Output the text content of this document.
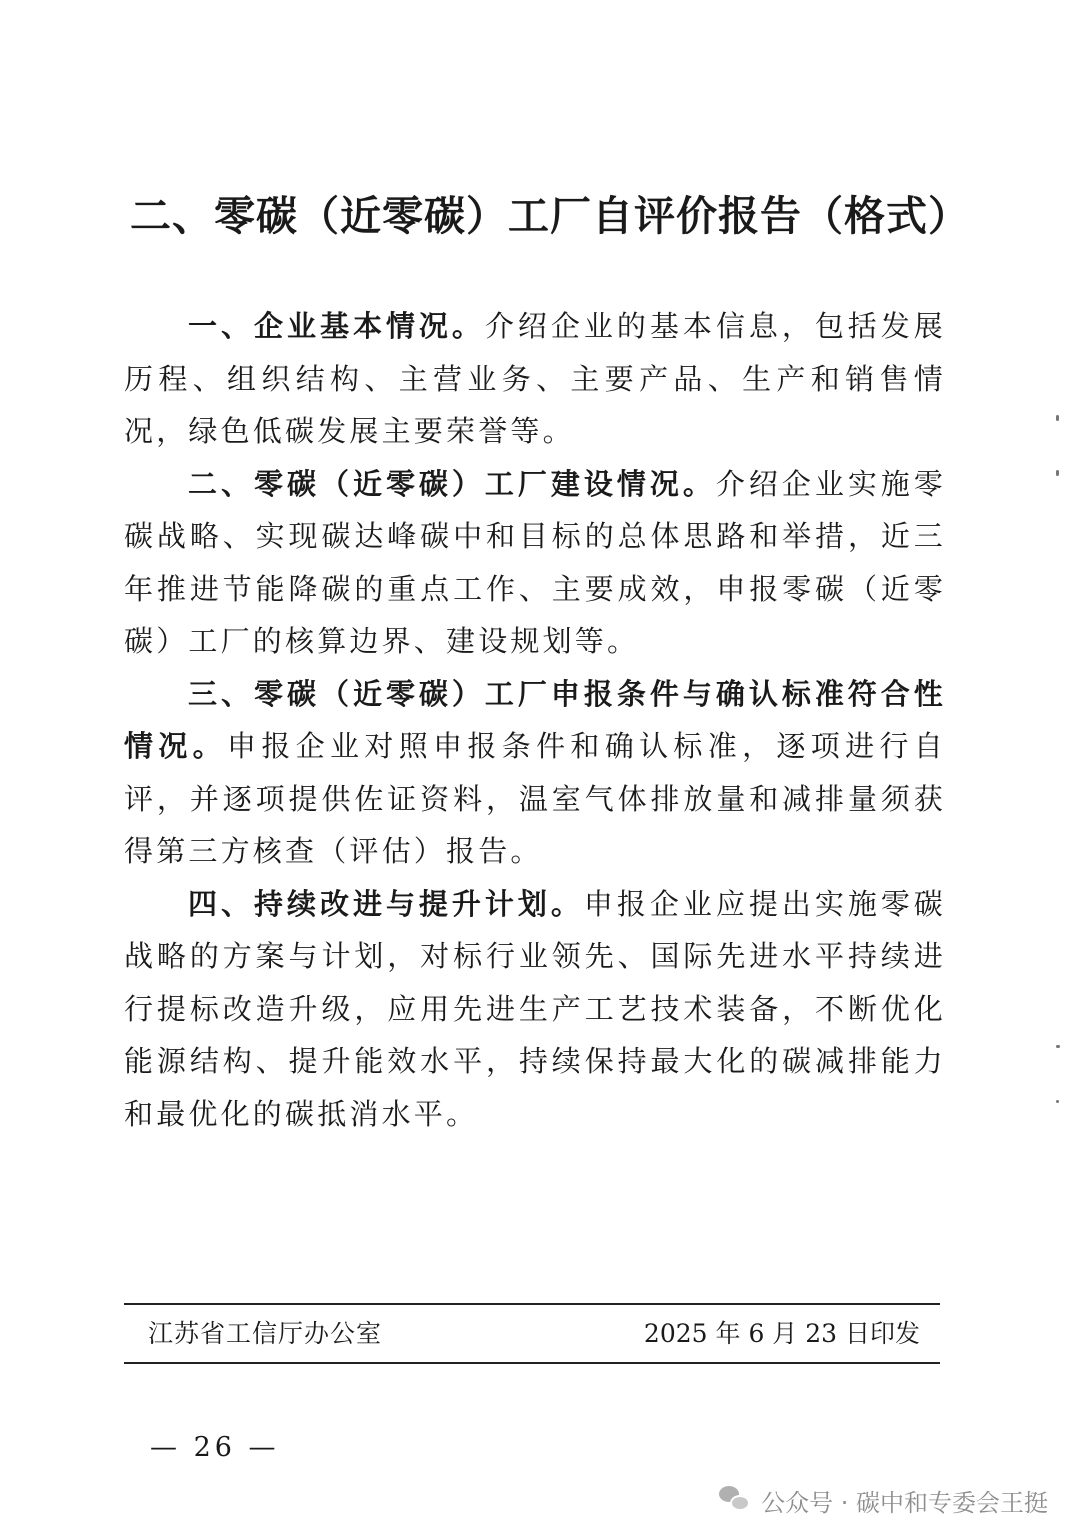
二、零碳（近零碳）工厂自评价报告（格式）

一、企业基本情况。介绍企业的基本信息，包括发展历程、组织结构、主营业务、主要产品、生产和销售情况，绿色低碳发展主要荣誉等。

二、零碳（近零碳）工厂建设情况。介绍企业实施零碳战略、实现碳达峰碳中和目标的总体思路和举措，近三年推进节能降碳的重点工作、主要成效，申报零碳（近零碳）工厂的核算边界、建设规划等。

三、零碳（近零碳）工厂申报条件与确认标准符合性情况。申报企业对照申报条件和确认标准，逐项进行自评，并逐项提供佐证资料，温室气体排放量和减排量须获得第三方核查（评估）报告。

四、持续改进与提升计划。申报企业应提出实施零碳战略的方案与计划，对标行业领先、国际先进水平持续进行提标改造升级，应用先进生产工艺技术装备，不断优化能源结构、提升能效水平，持续保持最大化的碳减排能力和最优化的碳抵消水平。

江苏省工信厅办公室	2025 年 6 月 23 日印发
— 26 —
公众号 · 碳中和专委会王挺
